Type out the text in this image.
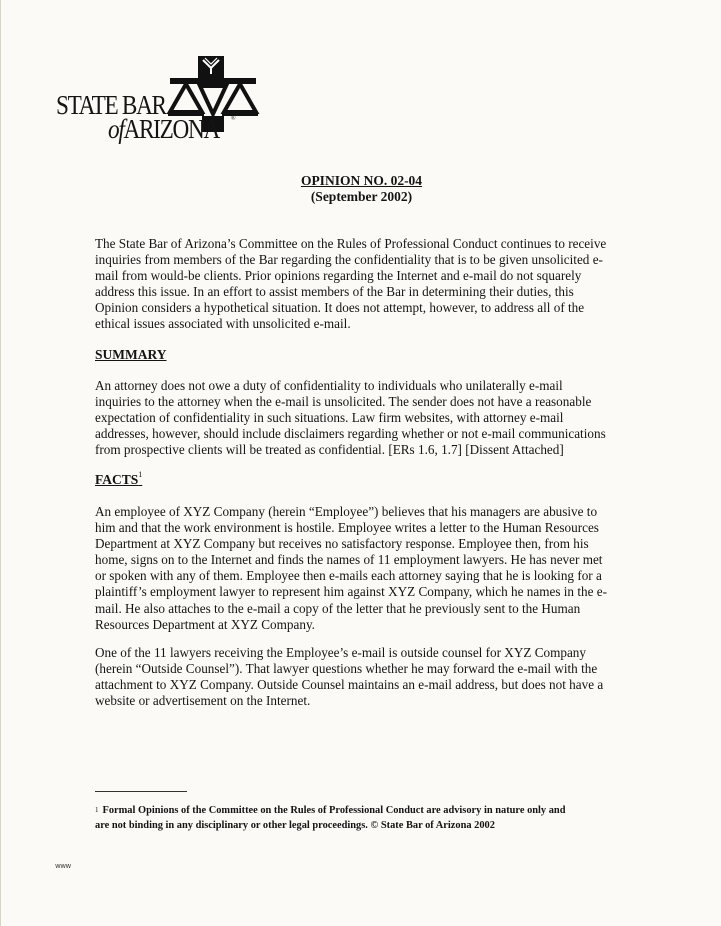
STATE BAR
ofARIZONA ®
OPINION NO. 02-04
(September 2002)
The State Bar of Arizona’s Committee on the Rules of Professional Conduct continues to receive
inquiries from members of the Bar regarding the confidentiality that is to be given unsolicited e-
mail from would-be clients. Prior opinions regarding the Internet and e-mail do not squarely
address this issue. In an effort to assist members of the Bar in determining their duties, this
Opinion considers a hypothetical situation. It does not attempt, however, to address all of the
ethical issues associated with unsolicited e-mail.
SUMMARY
An attorney does not owe a duty of confidentiality to individuals who unilaterally e-mail
inquiries to the attorney when the e-mail is unsolicited. The sender does not have a reasonable
expectation of confidentiality in such situations. Law firm websites, with attorney e-mail
addresses, however, should include disclaimers regarding whether or not e-mail communications
from prospective clients will be treated as confidential. [ERs 1.6, 1.7] [Dissent Attached]
FACTS$^1$
An employee of XYZ Company (herein “Employee”) believes that his managers are abusive to
him and that the work environment is hostile. Employee writes a letter to the Human Resources
Department at XYZ Company but receives no satisfactory response. Employee then, from his
home, signs on to the Internet and finds the names of 11 employment lawyers. He has never met
or spoken with any of them. Employee then e-mails each attorney saying that he is looking for a
plaintiff’s employment lawyer to represent him against XYZ Company, which he names in the e-
mail. He also attaches to the e-mail a copy of the letter that he previously sent to the Human
Resources Department at XYZ Company.
One of the 11 lawyers receiving the Employee’s e-mail is outside counsel for XYZ Company
(herein “Outside Counsel”). That lawyer questions whether he may forward the e-mail with the
attachment to XYZ Company. Outside Counsel maintains an e-mail address, but does not have a
website or advertisement on the Internet.
$^1$ Formal Opinions of the Committee on the Rules of Professional Conduct are advisory in nature only and
are not binding in any disciplinary or other legal proceedings. © State Bar of Arizona 2002
www
